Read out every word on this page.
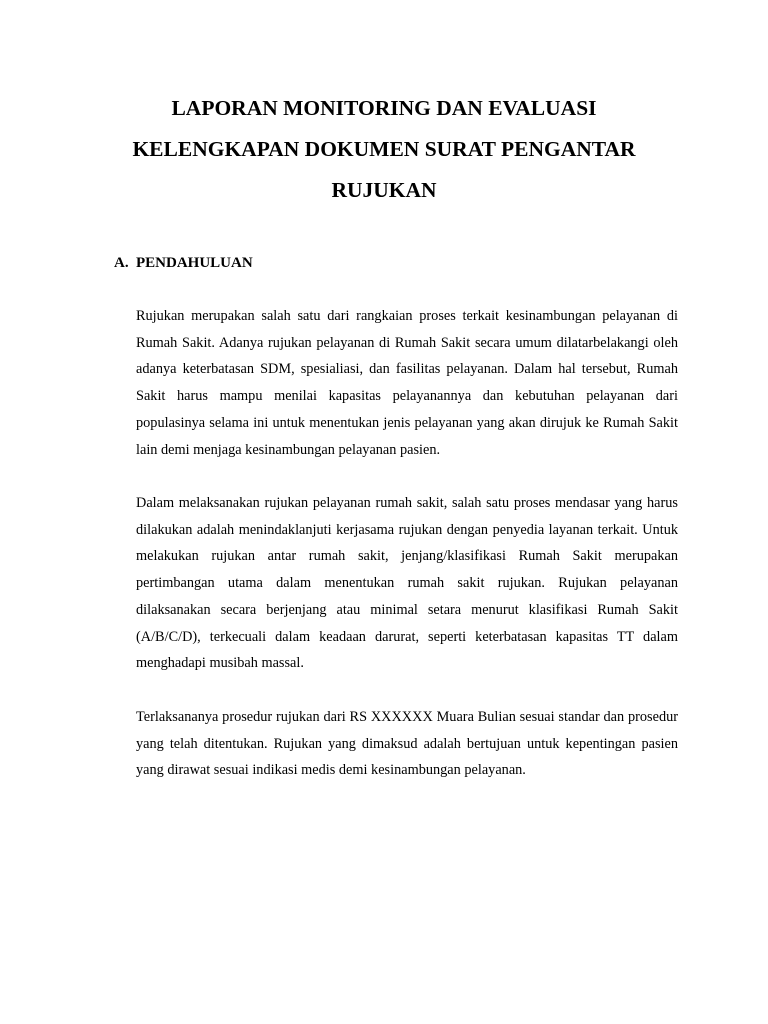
LAPORAN MONITORING DAN EVALUASI
KELENGKAPAN DOKUMEN SURAT PENGANTAR
RUJUKAN
A. PENDAHULUAN

Rujukan merupakan salah satu dari rangkaian proses terkait kesinambungan pelayanan di Rumah Sakit. Adanya rujukan pelayanan di Rumah Sakit secara umum dilatarbelakangi oleh adanya keterbatasan SDM, spesialiasi, dan fasilitas pelayanan. Dalam hal tersebut, Rumah Sakit harus mampu menilai kapasitas pelayanannya dan kebutuhan pelayanan dari populasinya selama ini untuk menentukan jenis pelayanan yang akan dirujuk ke Rumah Sakit lain demi menjaga kesinambungan pelayanan pasien.

Dalam melaksanakan rujukan pelayanan rumah sakit, salah satu proses mendasar yang harus dilakukan adalah menindaklanjuti kerjasama rujukan dengan penyedia layanan terkait. Untuk melakukan rujukan antar rumah sakit, jenjang/klasifikasi Rumah Sakit merupakan pertimbangan utama dalam menentukan rumah sakit rujukan. Rujukan pelayanan dilaksanakan secara berjenjang atau minimal setara menurut klasifikasi Rumah Sakit (A/B/C/D), terkecuali dalam keadaan darurat, seperti keterbatasan kapasitas TT dalam menghadapi musibah massal.

Terlaksananya prosedur rujukan dari RS XXXXXX Muara Bulian sesuai standar dan prosedur yang telah ditentukan. Rujukan yang dimaksud adalah bertujuan untuk kepentingan pasien yang dirawat sesuai indikasi medis demi kesinambungan pelayanan.
